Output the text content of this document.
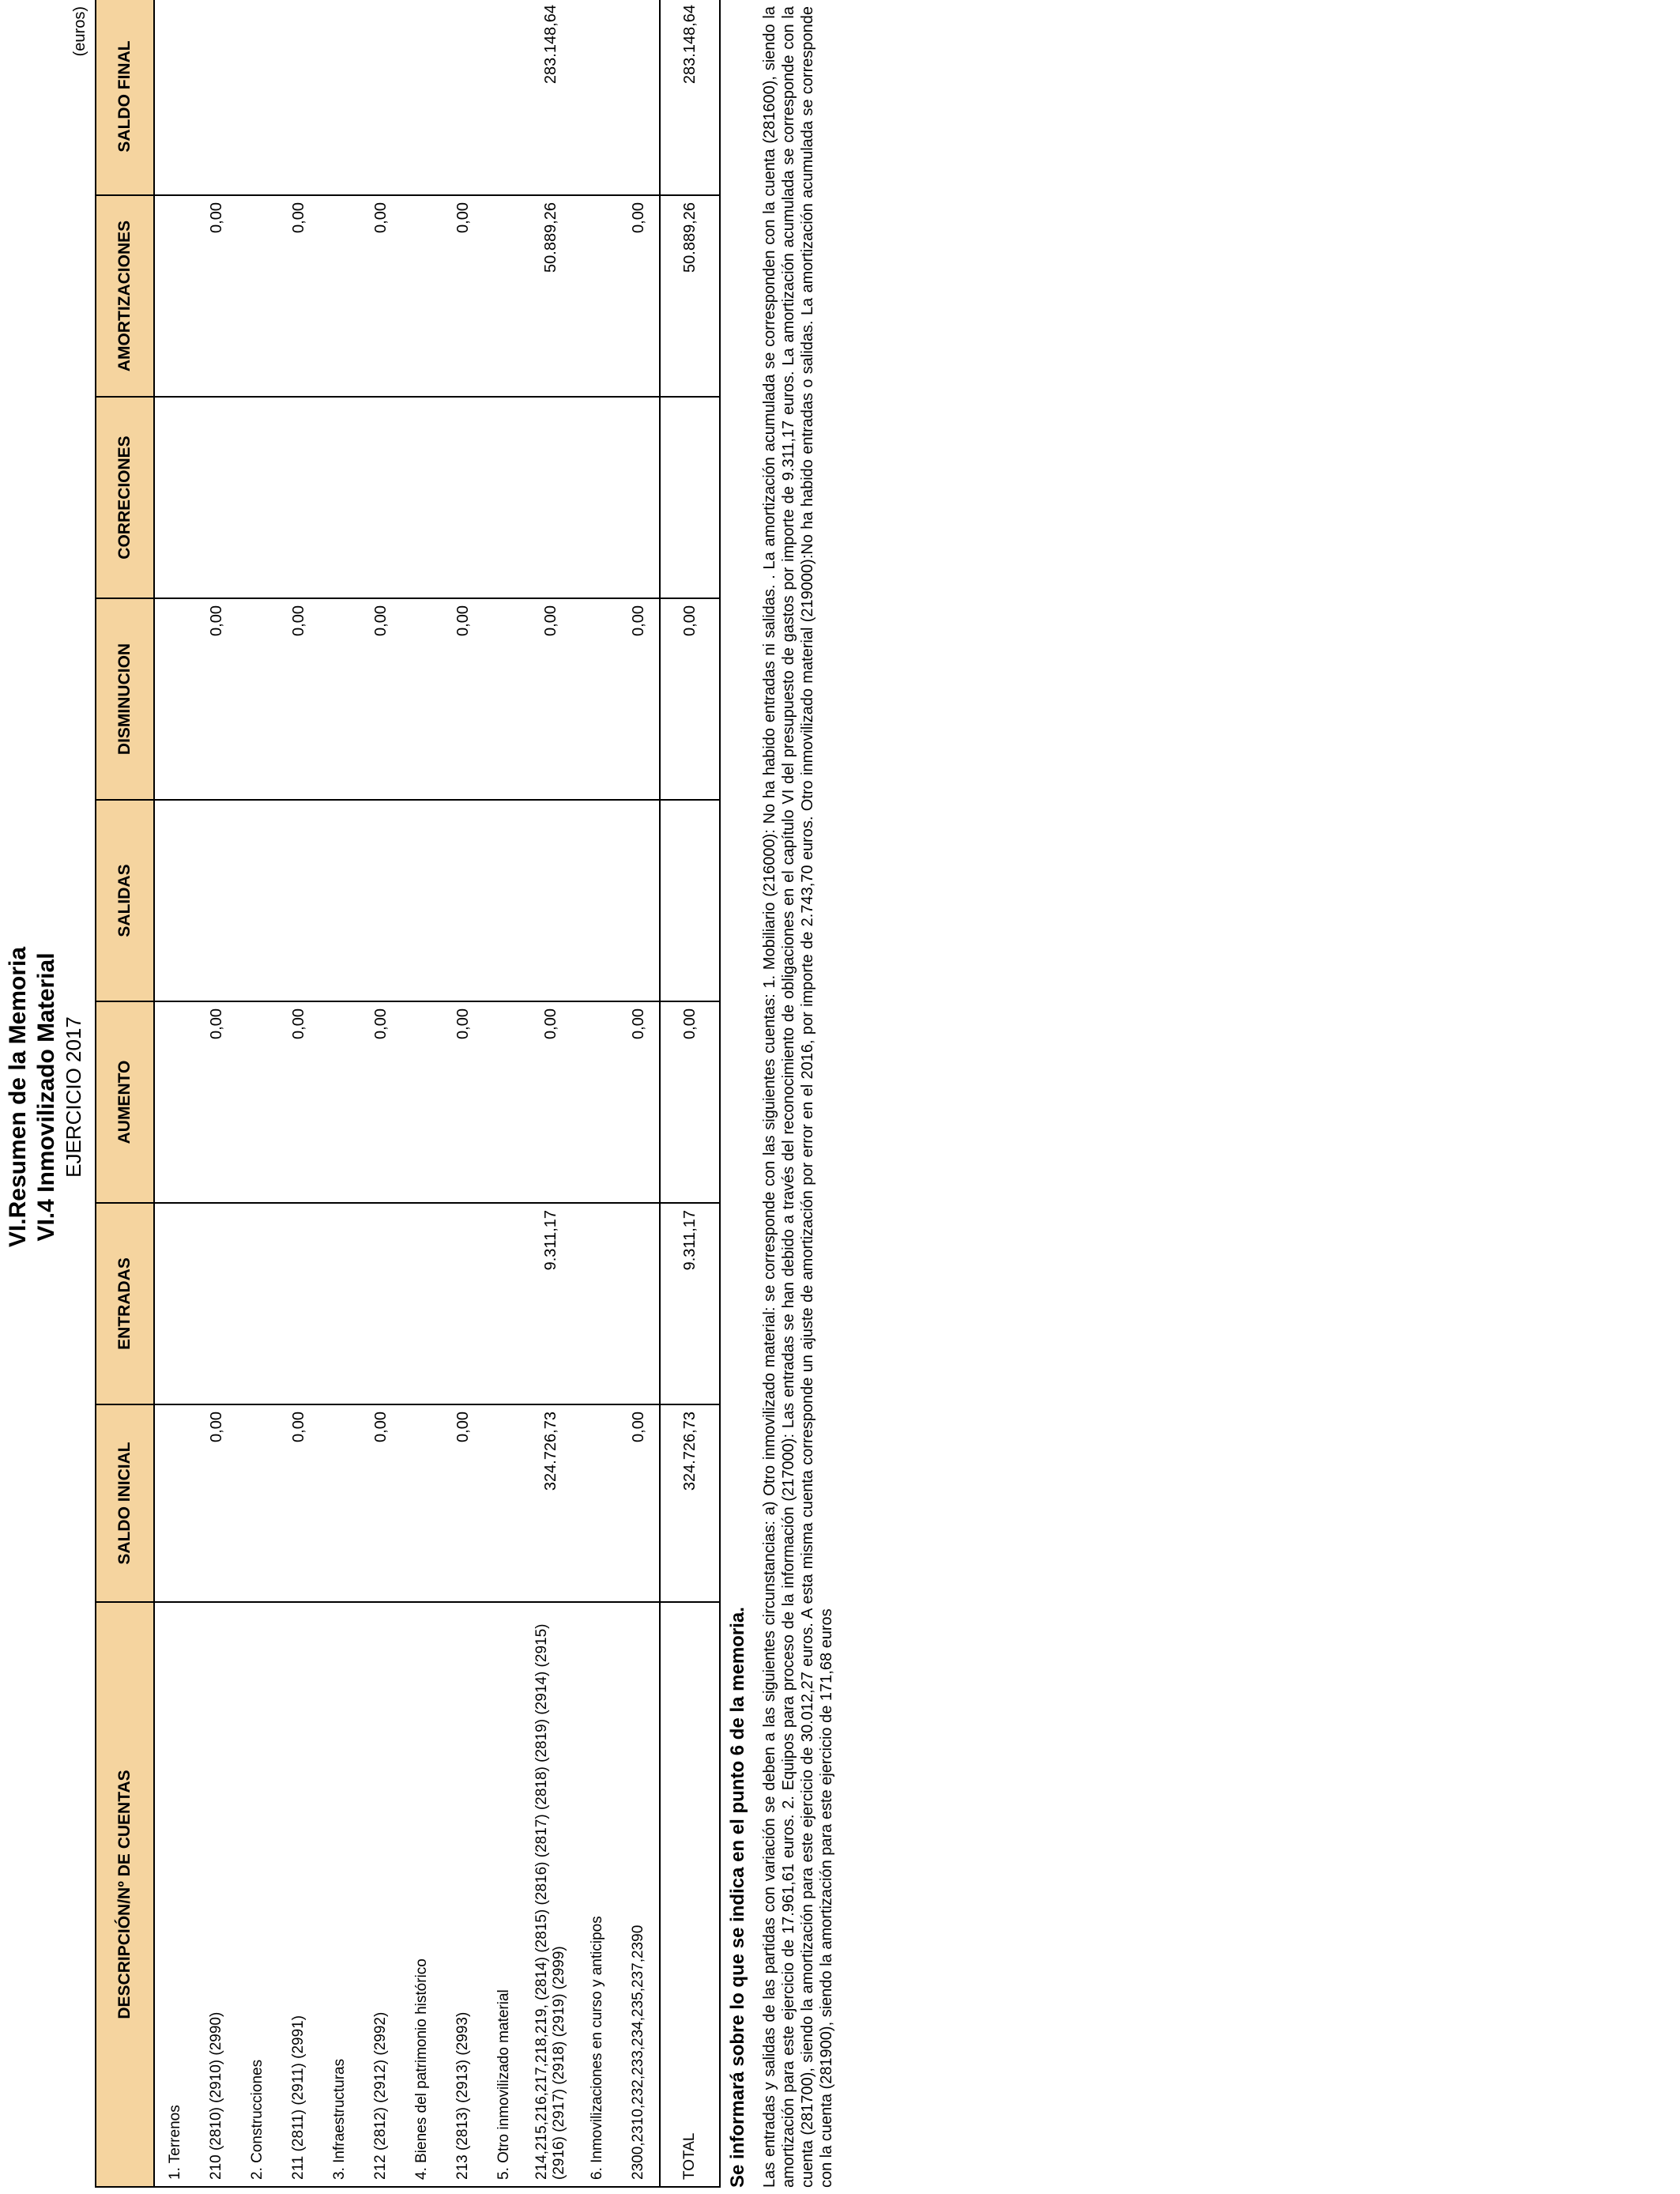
VI.Resumen de la Memoria VI.4 Inmovilizado Material EJERCICIO 2017
(euros)
DESCRIPCIÓN/Nº DE CUENTAS	SALDO INICIAL	ENTRADAS	AUMENTO	SALIDAS	DISMINUCION	CORRECIONES	AMORTIZACIONES	SALDO FINAL
1. Terrenos								
210 (2810) (2910) (2990)	0,00		0,00		0,00		0,00	
2. Construcciones								
211 (2811) (2911) (2991)	0,00		0,00		0,00		0,00	
3. Infraestructuras								
212 (2812) (2912) (2992)	0,00		0,00		0,00		0,00	
4. Bienes del patrimonio histórico								
213 (2813) (2913) (2993)	0,00		0,00		0,00		0,00	
5. Otro inmovilizado material								
214,215,216,217,218,219, (2814) (2815) (2816) (2817) (2818) (2819) (2914) (2915) (2916) (2917) (2918) (2919) (2999)	324.726,73	9.311,17	0,00		0,00		50.889,26	283.148,64
6. Inmovilizaciones en curso y anticipos								
2300,2310,232,233,234,235,237,2390	0,00		0,00		0,00		0,00	
TOTAL	324.726,73	9.311,17	0,00		0,00		50.889,26	283.148,64
Se informará sobre lo que se indica en el punto 6 de la memoria. Las entradas y salidas de las partidas con variación se deben a las siguientes circunstancias: a) Otro inmovilizado material: se corresponde con las siguientes cuentas: 1. Mobiliario (216000): No ha habido entradas ni salidas. . La amortización acumulada se corresponden con la cuenta (281600), siendo la amortización para este ejercicio de 17.961,61 euros. 2. Equipos para proceso de la información (217000): Las entradas se han debido a través del reconocimiento de obligaciones en el capítulo VI del presupuesto de gastos por importe de 9.311,17 euros. La amortización acumulada se corresponde con la cuenta (281700), siendo la amortización para este ejercicio de 30.012,27 euros. A esta misma cuenta corresponde un ajuste de amortización por error en el 2016, por importe de 2.743,70 euros. Otro inmovilizado material (219000):No ha habido entradas o salidas. La amortización acumulada se corresponde con la cuenta (281900), siendo la amortización para este ejercicio de 171,68 euros
